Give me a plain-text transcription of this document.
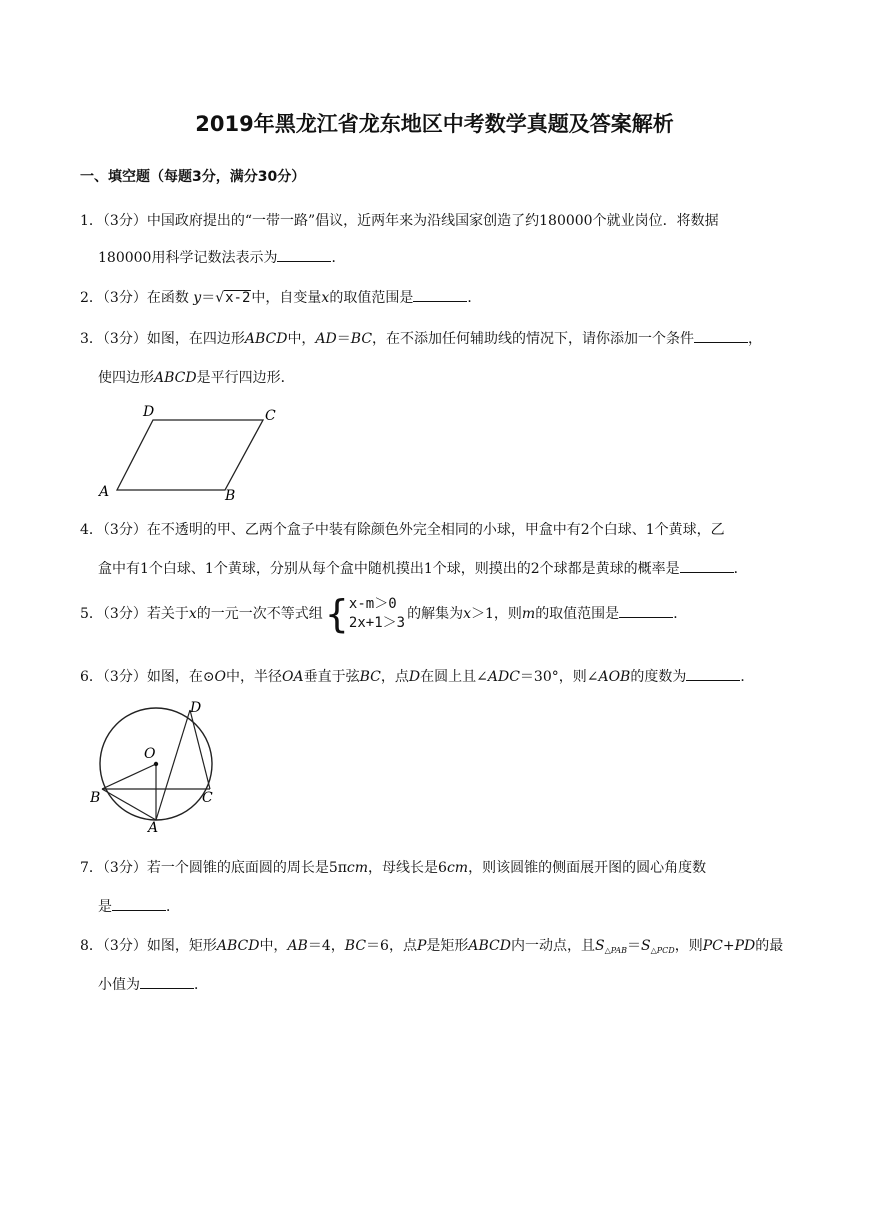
2019年黑龙江省龙东地区中考数学真题及答案解析
一、填空题（每题3分，满分30分）
1．（3分）中国政府提出的“一带一路”倡议，近两年来为沿线国家创造了约180000个就业岗位．将数据
180000用科学记数法表示为	．
2．（3分）在函数 y＝√x-2中，自变量x的取值范围是	．
3．（3分）如图，在四边形ABCD中，AD＝BC，在不添加任何辅助线的情况下，请你添加一个条件	，
使四边形ABCD是平行四边形．
A	B
C
D
4．（3分）在不透明的甲、乙两个盒子中装有除颜色外完全相同的小球，甲盒中有2个白球、1个黄球，乙
盒中有1个白球、1个黄球，分别从每个盒中随机摸出1个球，则摸出的2个球都是黄球的概率是	．
5．（3分）若关于x的一元一次不等式组{ x-m＞0
2x+1＞3
的解集为x＞1，则m的取值范围是	．
6．（3分）如图，在⊙O中，半径OA垂直于弦BC，点D在圆上且∠ADC＝30°，则∠AOB的度数为	．
O
A
B	C
D
7．（3分）若一个圆锥的底面圆的周长是5πcm，母线长是6cm，则该圆锥的侧面展开图的圆心角度数
是	．
8．（3分）如图，矩形ABCD中，AB＝4，BC＝6，点P是矩形ABCD内一动点，且$S_{\triangle PAB}=S_{\triangle PCD}$，则PC+PD的最
小值为	．
